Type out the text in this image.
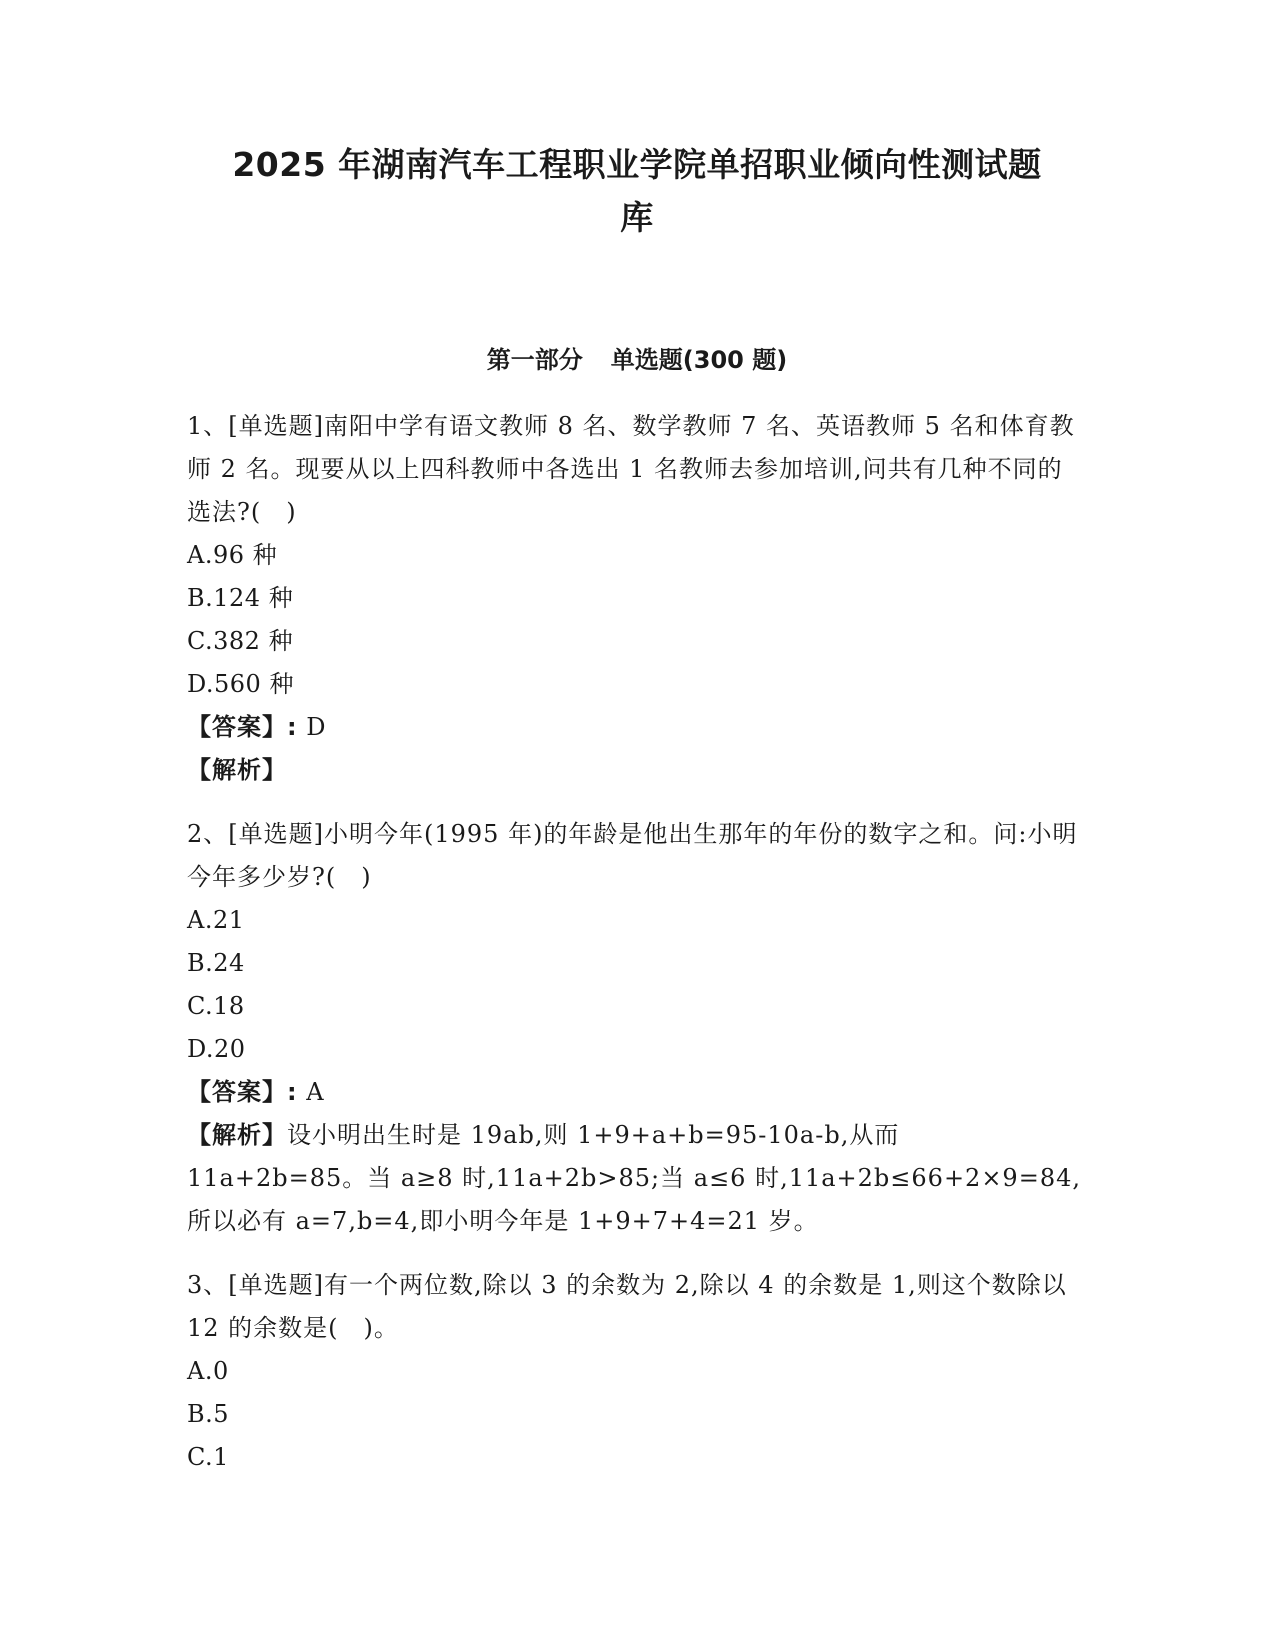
2025 年湖南汽车工程职业学院单招职业倾向性测试题
库
第一部分 单选题(300 题)

1、[单选题]南阳中学有语文教师 8 名、数学教师 7 名、英语教师 5 名和体育教师 2 名。现要从以上四科教师中各选出 1 名教师去参加培训,问共有几种不同的选法?(　)

A.96 种
B.124 种
C.382 种
D.560 种

【答案】: D

【解析】

2、[单选题]小明今年(1995 年)的年龄是他出生那年的年份的数字之和。问:小明今年多少岁?(　)

A.21
B.24
C.18
D.20

【答案】: A

【解析】设小明出生时是 19ab,则 1+9+a+b=95-10a-b,从而 11a+2b=85。当 a≥8 时,11a+2b>85;当 a≤6 时,11a+2b≤66+2×9=84,所以必有 a=7,b=4,即小明今年是 1+9+7+4=21 岁。

3、[单选题]有一个两位数,除以 3 的余数为 2,除以 4 的余数是 1,则这个数除以 12 的余数是(　)。

A.0
B.5
C.1
